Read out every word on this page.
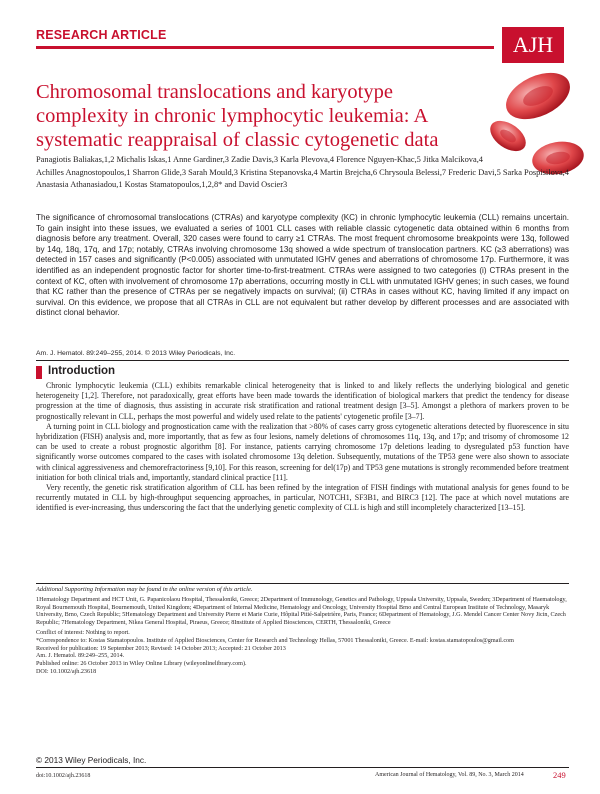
RESEARCH ARTICLE	AJH
Chromosomal translocations and karyotype complexity in chronic lymphocytic leukemia: A systematic reappraisal of classic cytogenetic data
Panagiotis Baliakas,1,2 Michalis Iskas,1 Anne Gardiner,3 Zadie Davis,3 Karla Plevova,4 Florence Nguyen-Khac,5 Jitka Malcikova,4 Achilles Anagnostopoulos,1 Sharron Glide,3 Sarah Mould,3 Kristina Stepanovska,4 Martin Brejcha,6 Chrysoula Belessi,7 Frederic Davi,5 Sarka Pospisilova,4 Anastasia Athanasiadou,1 Kostas Stamatopoulos,1,2,8* and David Oscier3

The significance of chromosomal translocations (CTRAs) and karyotype complexity (KC) in chronic lymphocytic leukemia (CLL) remains uncertain. To gain insight into these issues, we evaluated a series of 1001 CLL cases with reliable classic cytogenetic data obtained within 6 months from diagnosis before any treatment. Overall, 320 cases were found to carry ≥1 CTRAs. The most frequent chromosome breakpoints were 13q, followed by 14q, 18q, 17q, and 17p; notably, CTRAs involving chromosome 13q showed a wide spectrum of translocation partners. KC (≥3 aberrations) was detected in 157 cases and significantly (P<0.005) associated with unmutated IGHV genes and aberrations of chromosome 17p. Furthermore, it was identified as an independent prognostic factor for shorter time-to-first-treatment. CTRAs were assigned to two categories (i) CTRAs present in the context of KC, often with involvement of chromosome 17p aberrations, occurring mostly in CLL with unmutated IGHV genes; in such cases, we found that KC rather than the presence of CTRAs per se negatively impacts on survival; (ii) CTRAs in cases without KC, having limited if any impact on survival. On this evidence, we propose that all CTRAs in CLL are not equivalent but rather develop by different processes and are associated with distinct clonal behavior.

Am. J. Hematol. 89:249–255, 2014. © 2013 Wiley Periodicals, Inc.
Introduction

Chronic lymphocytic leukemia (CLL) exhibits remarkable clinical heterogeneity that is linked to and likely reflects the underlying biological and genetic heterogeneity [1,2]. Therefore, not paradoxically, great efforts have been made towards the identification of biological markers that predict the tendency for disease progression at the time of diagnosis, thus assisting in accurate risk stratification and rational treatment design [3–5]. Amongst a plethora of markers proven to be prognostically relevant in CLL, perhaps the most powerful and widely used relate to the patients' cytogenetic profile [3–7].

A turning point in CLL biology and prognostication came with the realization that >80% of cases carry gross cytogenetic alterations detected by fluorescence in situ hybridization (FISH) analysis and, more importantly, that as few as four lesions, namely deletions of chromosomes 11q, 13q, and 17p; and trisomy of chromosome 12 can be used to create a robust prognostic algorithm [8]. For instance, patients carrying chromosome 17p deletions leading to dysregulated p53 function have significantly worse outcomes compared to the cases with isolated chromosome 13q deletion. Subsequently, mutations of the TP53 gene were also shown to associate with clinical aggressiveness and chemorefractoriness [9,10]. For this reason, screening for del(17p) and TP53 gene mutations is strongly recommended before treatment initiation for both clinical trials and, importantly, standard clinical practice [11].

Very recently, the genetic risk stratification algorithm of CLL has been refined by the integration of FISH findings with mutational analysis for genes found to be recurrently mutated in CLL by high-throughput sequencing approaches, in particular, NOTCH1, SF3B1, and BIRC3 [12]. The pace at which novel mutations are identified is ever-increasing, thus underscoring the fact that the underlying genetic complexity of CLL is high and still incompletely characterized [13–15].

Additional Supporting Information may be found in the online version of this article.

1Hematology Department and HCT Unit, G. Papanicolaou Hospital, Thessaloniki, Greece; 2Department of Immunology, Genetics and Pathology, Uppsala University, Uppsala, Sweden; 3Department of Haematology, Royal Bournemouth Hospital, Bournemouth, United Kingdom; 4Department of Internal Medicine, Hematology and Oncology, University Hospital Brno and Central European Institute of Technology, Masaryk University, Brno, Czech Republic; 5Hematology Department and University Pierre et Marie Curie, Hôpital Pitié-Salpetrière, Paris, France; 6Department of Hematology, J.G. Mendel Cancer Center Novy Jicin, Czech Republic; 7Hematology Department, Nikea General Hospital, Piraeus, Greece; 8Institute of Applied Biosciences, CERTH, Thessaloniki, Greece

Conflict of interest: Nothing to report.

*Correspondence to: Kostas Stamatopoulos. Institute of Applied Biosciences, Center for Research and Technology Hellas, 57001 Thessaloniki, Greece. E-mail: kostas.stamatopoulos@gmail.com

Received for publication: 19 September 2013; Revised: 14 October 2013; Accepted: 21 October 2013

Am. J. Hematol. 89:249–255, 2014.

Published online: 26 October 2013 in Wiley Online Library (wileyonlinelibrary.com).

DOI: 10.1002/ajh.23618

© 2013 Wiley Periodicals, Inc.
doi:10.1002/ajh.23618	American Journal of Hematology, Vol. 89, No. 3, March 2014	249
